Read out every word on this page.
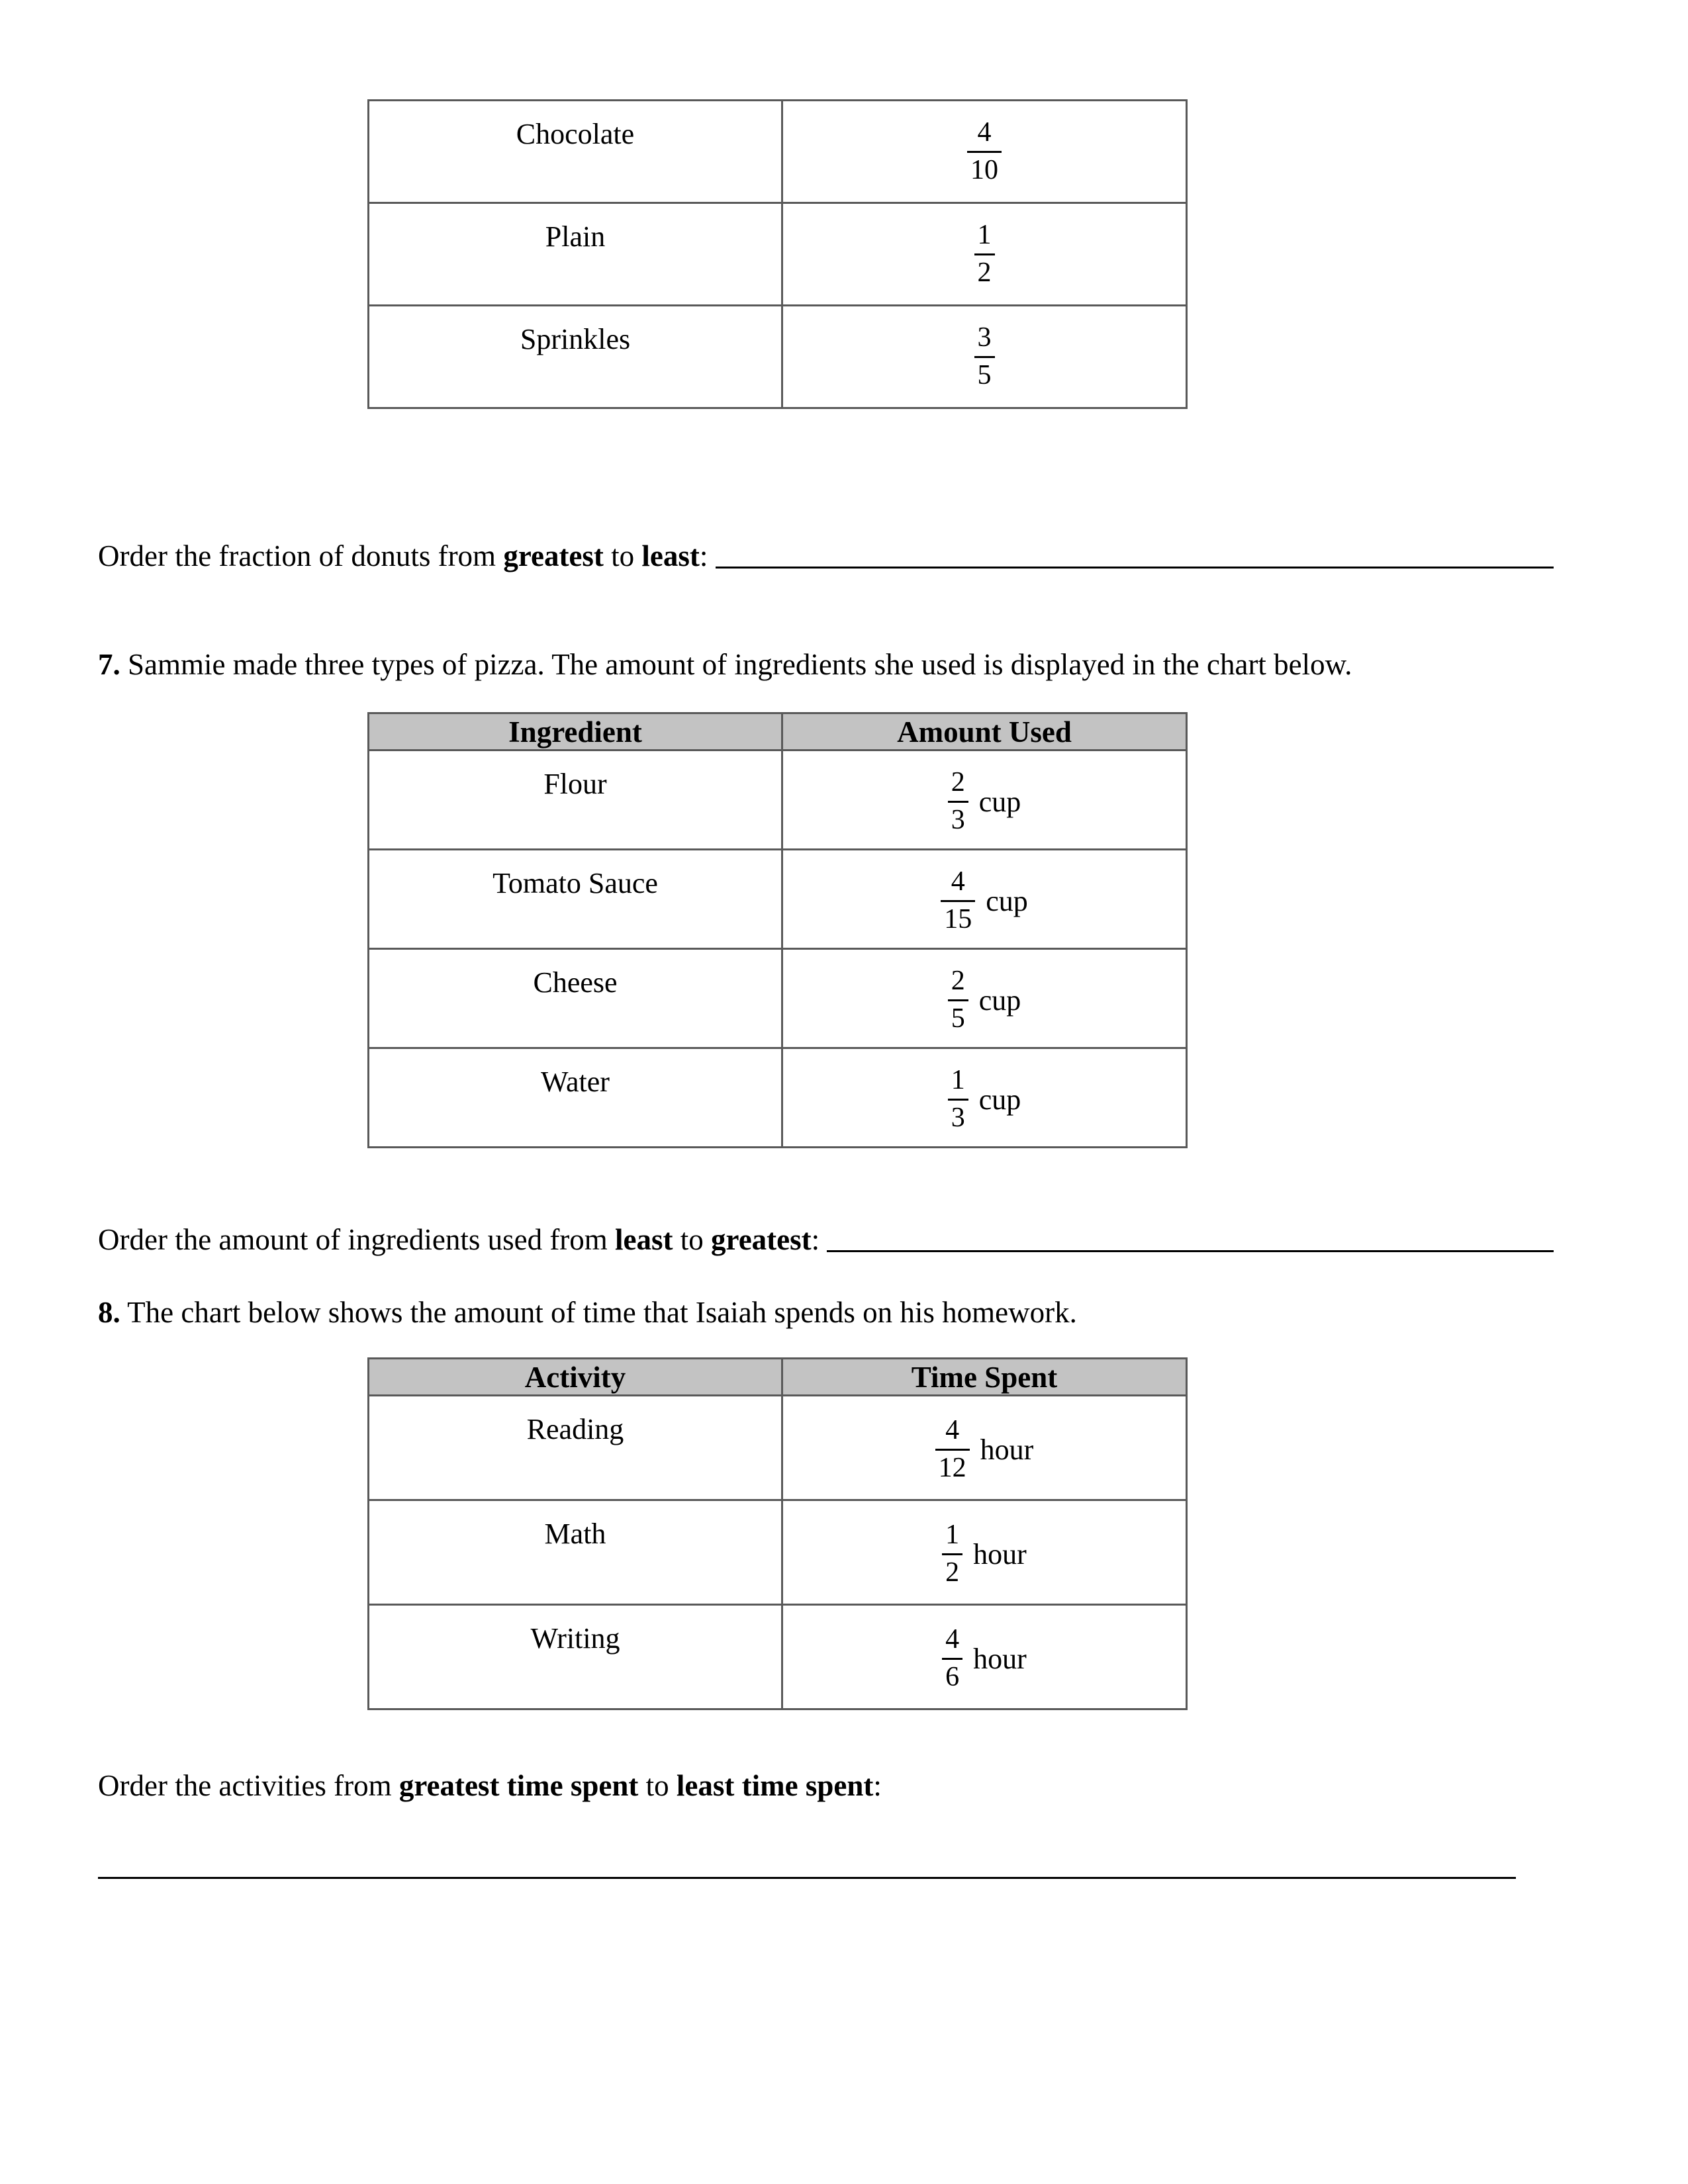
Chocolate	$\frac{4}{10}$

Plain	$\frac{1}{2}$

Sprinkles	$\frac{3}{5}$
Order the fraction of donuts from greatest to least :
7. Sammie made three types of pizza. The amount of ingredients she used is displayed in the chart below.
Ingredient	Amount Used
Flour	$\frac{2}{3}$ cup

Tomato Sauce	$\frac{4}{15}$ cup

Cheese	$\frac{2}{5}$ cup

Water	$\frac{1}{3}$ cup
Order the amount of ingredients used from least to greatest :
8. The chart below shows the amount of time that Isaiah spends on his homework.
Activity	Time Spent
Reading	$\frac{4}{12}$ hour

Math	$\frac{1}{2}$ hour

Writing	$\frac{4}{6}$ hour
Order the activities from greatest time spent to least time spent:
